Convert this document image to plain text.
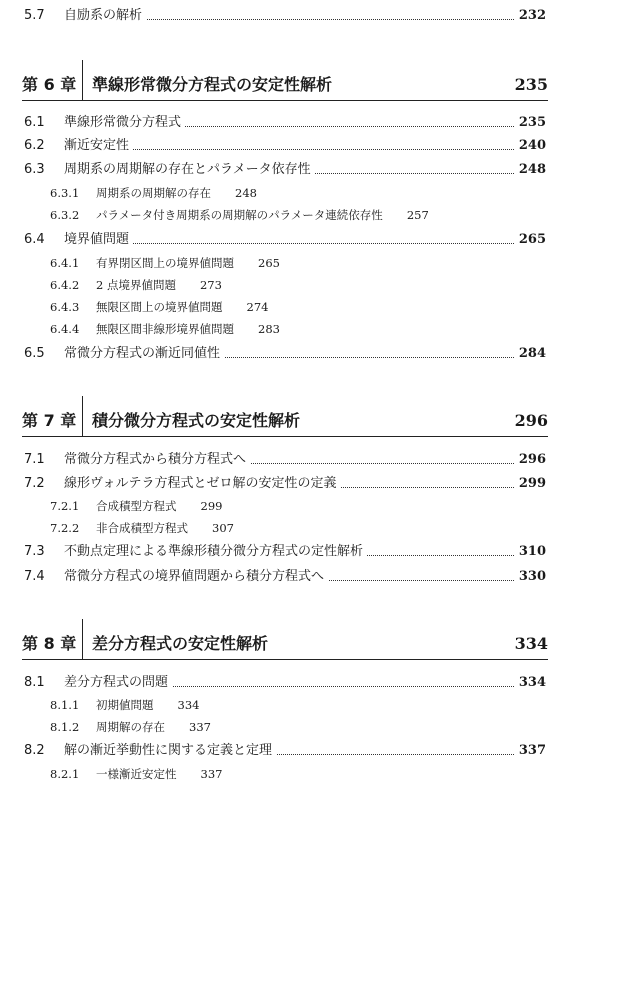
5.7 自励系の解析	232
第 6 章 準線形常微分方程式の安定性解析	235
6.1 準線形常微分方程式	235
6.2 漸近安定性	240
6.3 周期系の周期解の存在とパラメータ依存性	248
6.3.1 周期系の周期解の存在 248
6.3.2 パラメータ付き周期系の周期解のパラメータ連続依存性 257
6.4 境界値問題	265
6.4.1 有界閉区間上の境界値問題 265
6.4.2 2 点境界値問題 273
6.4.3 無限区間上の境界値問題 274
6.4.4 無限区間非線形境界値問題 283
6.5 常微分方程式の漸近同値性	284
第 7 章 積分微分方程式の安定性解析	296
7.1 常微分方程式から積分方程式へ	296
7.2 線形ヴォルテラ方程式とゼロ解の安定性の定義	299
7.2.1 合成積型方程式 299
7.2.2 非合成積型方程式 307
7.3 不動点定理による準線形積分微分方程式の定性解析	310
7.4 常微分方程式の境界値問題から積分方程式へ	330
第 8 章 差分方程式の安定性解析	334
8.1 差分方程式の問題	334
8.1.1 初期値問題 334
8.1.2 周期解の存在 337
8.2 解の漸近挙動性に関する定義と定理	337
8.2.1 一様漸近安定性 337
